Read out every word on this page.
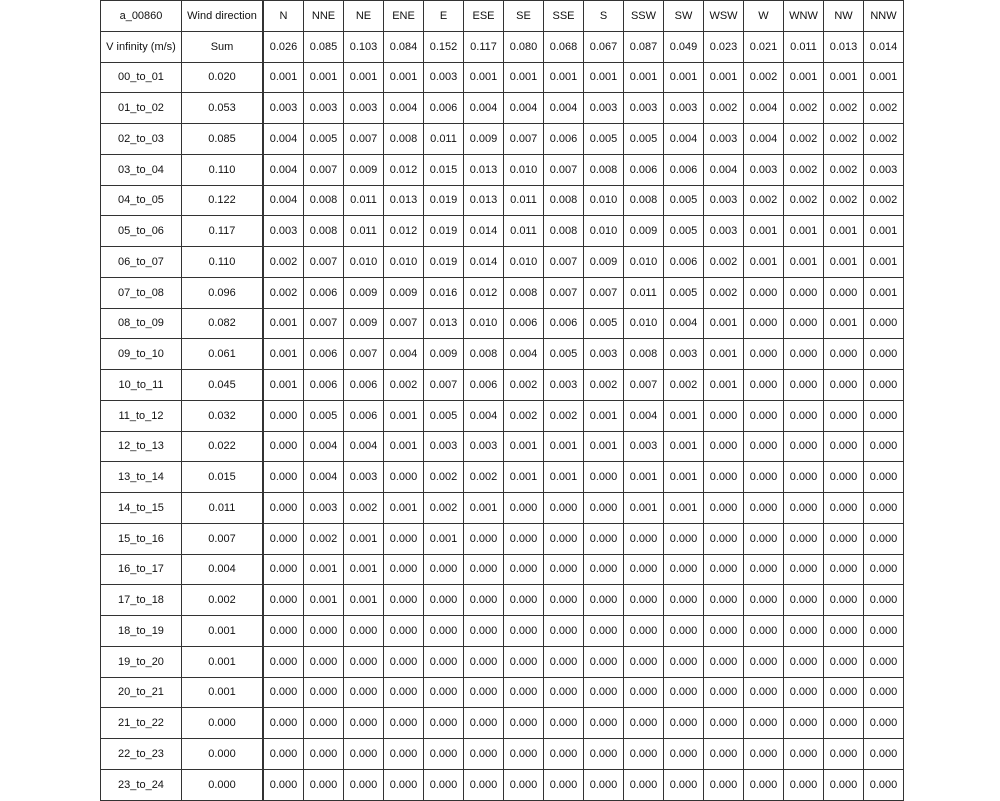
a_00860	Wind direction	N	NNE	NE	ENE	E	ESE	SE	SSE	S	SSW	SW	WSW	W	WNW	NW	NNW
V infinity (m/s)	Sum	0.026	0.085	0.103	0.084	0.152	0.117	0.080	0.068	0.067	0.087	0.049	0.023	0.021	0.011	0.013	0.014
00_to_01	0.020	0.001	0.001	0.001	0.001	0.003	0.001	0.001	0.001	0.001	0.001	0.001	0.001	0.002	0.001	0.001	0.001
01_to_02	0.053	0.003	0.003	0.003	0.004	0.006	0.004	0.004	0.004	0.003	0.003	0.003	0.002	0.004	0.002	0.002	0.002
02_to_03	0.085	0.004	0.005	0.007	0.008	0.011	0.009	0.007	0.006	0.005	0.005	0.004	0.003	0.004	0.002	0.002	0.002
03_to_04	0.110	0.004	0.007	0.009	0.012	0.015	0.013	0.010	0.007	0.008	0.006	0.006	0.004	0.003	0.002	0.002	0.003
04_to_05	0.122	0.004	0.008	0.011	0.013	0.019	0.013	0.011	0.008	0.010	0.008	0.005	0.003	0.002	0.002	0.002	0.002
05_to_06	0.117	0.003	0.008	0.011	0.012	0.019	0.014	0.011	0.008	0.010	0.009	0.005	0.003	0.001	0.001	0.001	0.001
06_to_07	0.110	0.002	0.007	0.010	0.010	0.019	0.014	0.010	0.007	0.009	0.010	0.006	0.002	0.001	0.001	0.001	0.001
07_to_08	0.096	0.002	0.006	0.009	0.009	0.016	0.012	0.008	0.007	0.007	0.011	0.005	0.002	0.000	0.000	0.000	0.001
08_to_09	0.082	0.001	0.007	0.009	0.007	0.013	0.010	0.006	0.006	0.005	0.010	0.004	0.001	0.000	0.000	0.001	0.000
09_to_10	0.061	0.001	0.006	0.007	0.004	0.009	0.008	0.004	0.005	0.003	0.008	0.003	0.001	0.000	0.000	0.000	0.000
10_to_11	0.045	0.001	0.006	0.006	0.002	0.007	0.006	0.002	0.003	0.002	0.007	0.002	0.001	0.000	0.000	0.000	0.000
11_to_12	0.032	0.000	0.005	0.006	0.001	0.005	0.004	0.002	0.002	0.001	0.004	0.001	0.000	0.000	0.000	0.000	0.000
12_to_13	0.022	0.000	0.004	0.004	0.001	0.003	0.003	0.001	0.001	0.001	0.003	0.001	0.000	0.000	0.000	0.000	0.000
13_to_14	0.015	0.000	0.004	0.003	0.000	0.002	0.002	0.001	0.001	0.000	0.001	0.001	0.000	0.000	0.000	0.000	0.000
14_to_15	0.011	0.000	0.003	0.002	0.001	0.002	0.001	0.000	0.000	0.000	0.001	0.001	0.000	0.000	0.000	0.000	0.000
15_to_16	0.007	0.000	0.002	0.001	0.000	0.001	0.000	0.000	0.000	0.000	0.000	0.000	0.000	0.000	0.000	0.000	0.000
16_to_17	0.004	0.000	0.001	0.001	0.000	0.000	0.000	0.000	0.000	0.000	0.000	0.000	0.000	0.000	0.000	0.000	0.000
17_to_18	0.002	0.000	0.001	0.001	0.000	0.000	0.000	0.000	0.000	0.000	0.000	0.000	0.000	0.000	0.000	0.000	0.000
18_to_19	0.001	0.000	0.000	0.000	0.000	0.000	0.000	0.000	0.000	0.000	0.000	0.000	0.000	0.000	0.000	0.000	0.000
19_to_20	0.001	0.000	0.000	0.000	0.000	0.000	0.000	0.000	0.000	0.000	0.000	0.000	0.000	0.000	0.000	0.000	0.000
20_to_21	0.001	0.000	0.000	0.000	0.000	0.000	0.000	0.000	0.000	0.000	0.000	0.000	0.000	0.000	0.000	0.000	0.000
21_to_22	0.000	0.000	0.000	0.000	0.000	0.000	0.000	0.000	0.000	0.000	0.000	0.000	0.000	0.000	0.000	0.000	0.000
22_to_23	0.000	0.000	0.000	0.000	0.000	0.000	0.000	0.000	0.000	0.000	0.000	0.000	0.000	0.000	0.000	0.000	0.000
23_to_24	0.000	0.000	0.000	0.000	0.000	0.000	0.000	0.000	0.000	0.000	0.000	0.000	0.000	0.000	0.000	0.000	0.000
